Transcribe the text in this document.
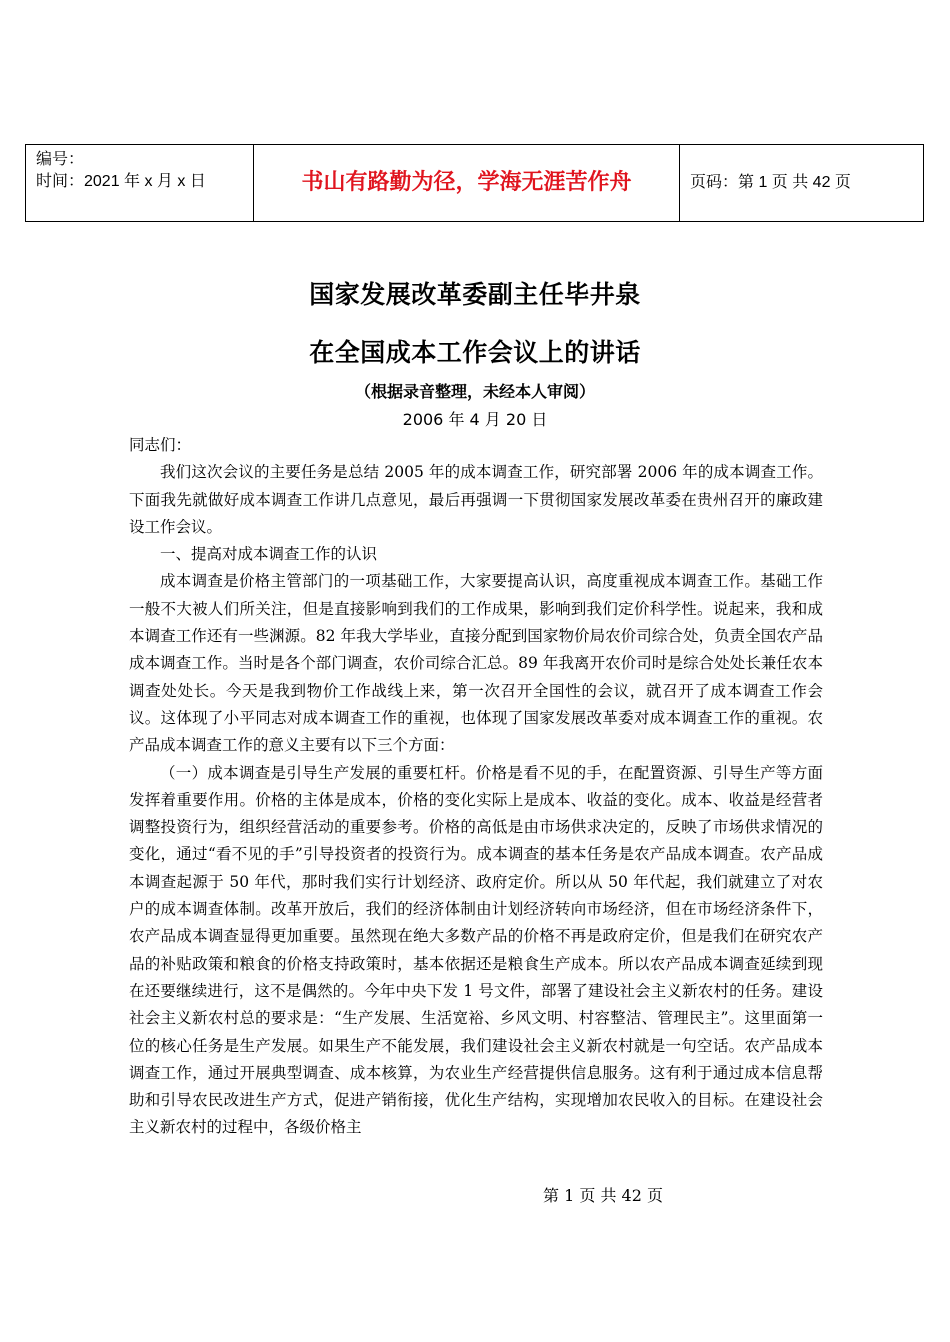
编号：
时间：2021 年 x 月 x 日	书山有路勤为径，学海无涯苦作舟	页码：第 1 页 共 42 页
国家发展改革委副主任毕井泉
在全国成本工作会议上的讲话
（根据录音整理，未经本人审阅）
2006 年 4 月 20 日

同志们：

我们这次会议的主要任务是总结 2005 年的成本调查工作，研究部署 2006 年的成本调查工作。下面我先就做好成本调查工作讲几点意见，最后再强调一下贯彻国家发展改革委在贵州召开的廉政建设工作会议。

一、提高对成本调查工作的认识

成本调查是价格主管部门的一项基础工作，大家要提高认识，高度重视成本调查工作。基础工作一般不大被人们所关注，但是直接影响到我们的工作成果，影响到我们定价科学性。说起来，我和成本调查工作还有一些渊源。82 年我大学毕业，直接分配到国家物价局农价司综合处，负责全国农产品成本调查工作。当时是各个部门调查，农价司综合汇总。89 年我离开农价司时是综合处处长兼任农本调查处处长。今天是我到物价工作战线上来，第一次召开全国性的会议，就召开了成本调查工作会议。这体现了小平同志对成本调查工作的重视，也体现了国家发展改革委对成本调查工作的重视。农产品成本调查工作的意义主要有以下三个方面：

（一）成本调查是引导生产发展的重要杠杆。价格是看不见的手，在配置资源、引导生产等方面发挥着重要作用。价格的主体是成本，价格的变化实际上是成本、收益的变化。成本、收益是经营者调整投资行为，组织经营活动的重要参考。价格的高低是由市场供求决定的，反映了市场供求情况的变化，通过“看不见的手”引导投资者的投资行为。成本调查的基本任务是农产品成本调查。农产品成本调查起源于 50 年代，那时我们实行计划经济、政府定价。所以从 50 年代起，我们就建立了对农户的成本调查体制。改革开放后，我们的经济体制由计划经济转向市场经济，但在市场经济条件下，农产品成本调查显得更加重要。虽然现在绝大多数产品的价格不再是政府定价，但是我们在研究农产品的补贴政策和粮食的价格支持政策时，基本依据还是粮食生产成本。所以农产品成本调查延续到现在还要继续进行，这不是偶然的。今年中央下发 1 号文件，部署了建设社会主义新农村的任务。建设社会主义新农村总的要求是：“生产发展、生活宽裕、乡风文明、村容整洁、管理民主”。这里面第一位的核心任务是生产发展。如果生产不能发展，我们建设社会主义新农村就是一句空话。农产品成本调查工作，通过开展典型调查、成本核算，为农业生产经营提供信息服务。这有利于通过成本信息帮助和引导农民改进生产方式，促进产销衔接，优化生产结构，实现增加农民收入的目标。在建设社会主义新农村的过程中，各级价格主

第 1 页 共 42 页
